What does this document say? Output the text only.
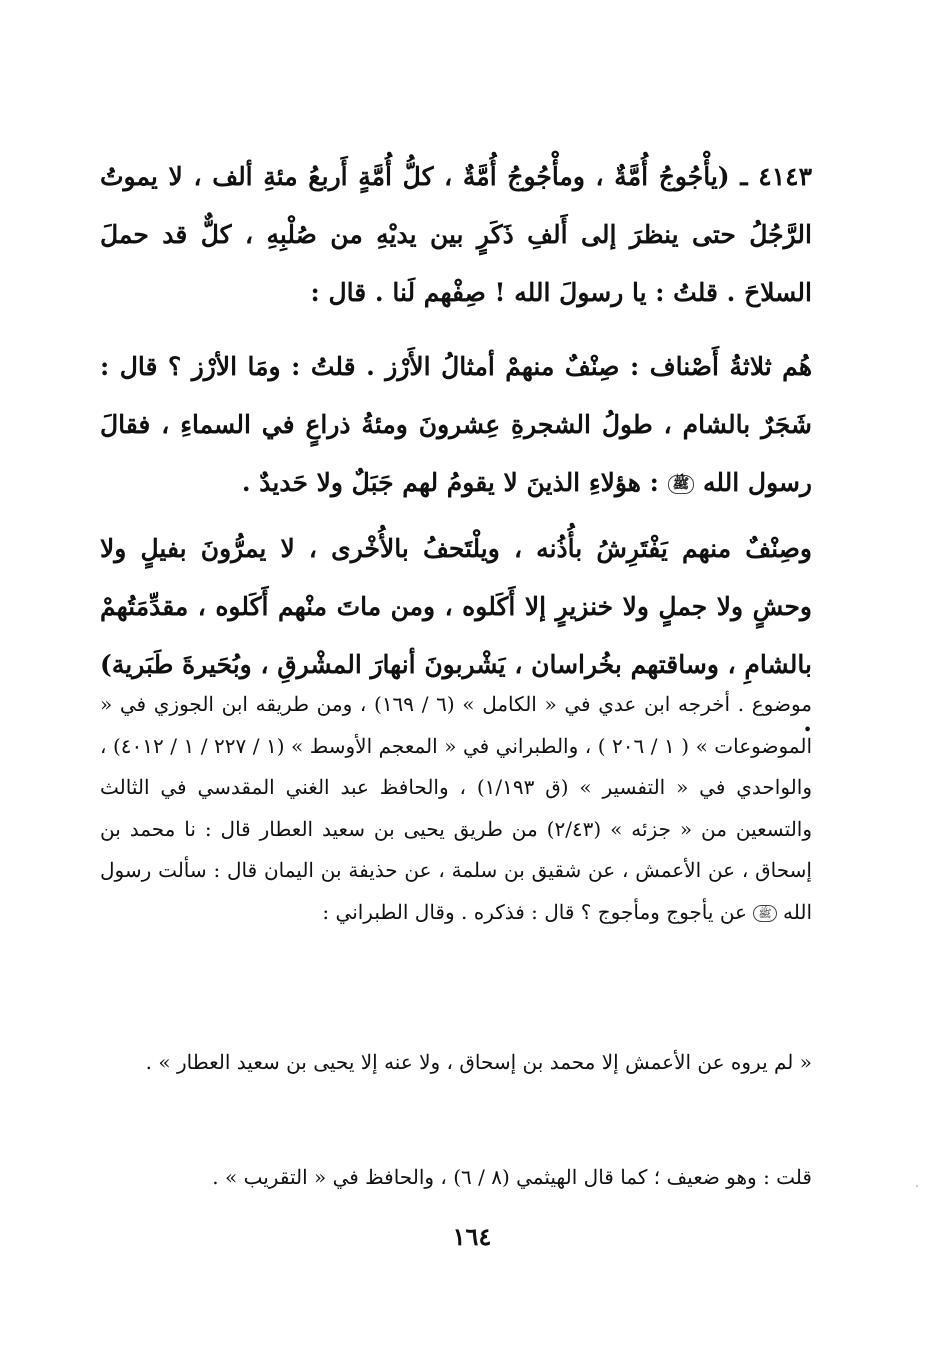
٤١٤٣ ـ (يأْجُوجُ أُمَّةٌ ، ومأْجُوجُ أُمَّةٌ ، كلُّ أُمَّةٍ أَربعُ مئةِ ألف ، لا يموتُ الرَّجُلُ حتى ينظرَ إلى أَلفِ ذَكَرٍ بين يديْهِ من صُلْبِهِ ، كلٌّ قد حملَ السلاحَ . قلتُ : يا رسولَ الله ! صِفْهم لَنا . قال :

هُم ثلاثةُ أَصْناف : صِنْفٌ منهمْ أمثالُ الأَرْز . قلتُ : ومَا الأرْز ؟ قال : شَجَرٌ بالشام ، طولُ الشجرةِ عِشرونَ ومئةُ ذراعٍ في السماءِ ، فقالَ رسول الله ﷺ : هؤلاءِ الذينَ لا يقومُ لهم جَبَلٌ ولا حَديدٌ .

وصِنْفٌ منهم يَفْتَرِشُ بأُذُنه ، ويلْتَحفُ بالأُخْرى ، لا يمرُّونَ بفيلٍ ولا وحشٍ ولا جملٍ ولا خنزيرٍ إلا أَكَلوه ، ومن ماتَ منْهم أَكَلوه ، مقدِّمَتُهمْ بالشامِ ، وساقتهم بخُراسان ، يَشْربونَ أنهارَ المشْرقِ ، وبُحَيرةَ طَبَرية) .

موضوع . أخرجه ابن عدي في « الكامل » (٦ / ١٦٩) ، ومن طريقه ابن الجوزي في « الموضوعات » ( ١ / ٢٠٦ ) ، والطبراني في « المعجم الأوسط » (١ / ٢٢٧ / ١ / ٤٠١٢) ، والواحدي في « التفسير » (ق ١/١٩٣) ، والحافظ عبد الغني المقدسي في الثالث والتسعين من « جزئه » (٢/٤٣) من طريق يحيى بن سعيد العطار قال : نا محمد بن إسحاق ، عن الأعمش ، عن شقيق بن سلمة ، عن حذيفة بن اليمان قال : سألت رسول الله ﷺ عن يأجوج ومأجوج ؟ قال : فذكره . وقال الطبراني :

« لم يروه عن الأعمش إلا محمد بن إسحاق ، ولا عنه إلا يحيى بن سعيد العطار » .

قلت : وهو ضعيف ؛ كما قال الهيثمي (٨ / ٦) ، والحافظ في « التقريب » .

١٦٤
